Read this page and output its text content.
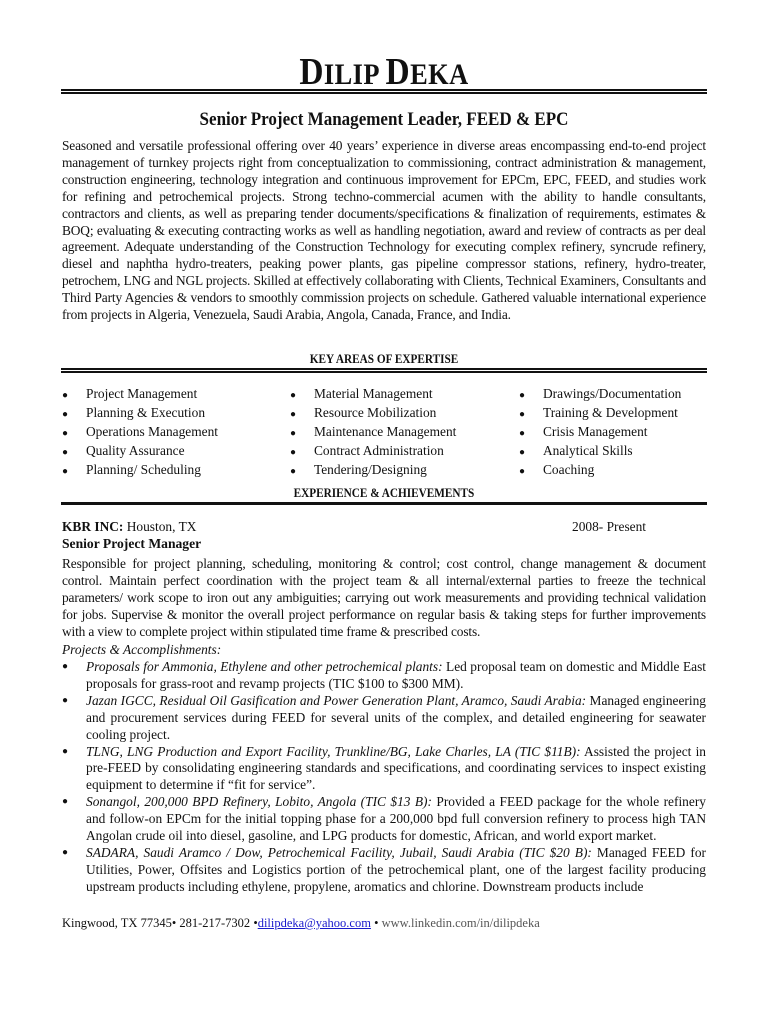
DILIP DEKA
Senior Project Management Leader, FEED & EPC
Seasoned and versatile professional offering over 40 years’ experience in diverse areas encompassing end-to-end project management of turnkey projects right from conceptualization to commissioning, contract administration & management, construction engineering, technology integration and continuous improvement for EPCm, EPC, FEED, and studies work for refining and petrochemical projects. Strong techno-commercial acumen with the ability to handle consultants, contractors and clients, as well as preparing tender documents/specifications & finalization of requirements, estimates & BOQ; evaluating & executing contracting works as well as handling negotiation, award and review of contracts as per deal agreement. Adequate understanding of the Construction Technology for executing complex refinery, syncrude refinery, diesel and naphtha hydro-treaters, peaking power plants, gas pipeline compressor stations, refinery, hydro-treater, petrochem, LNG and NGL projects. Skilled at effectively collaborating with Clients, Technical Examiners, Consultants and Third Party Agencies & vendors to smoothly commission projects on schedule. Gathered valuable international experience from projects in Algeria, Venezuela, Saudi Arabia, Angola, Canada, France, and India.
KEY AREAS OF EXPERTISE
●	Project Management
●	Planning & Execution
●	Operations Management
●	Quality Assurance
●	Planning/ Scheduling
●	Material Management
●	Resource Mobilization
●	Maintenance Management
●	Contract Administration
●	Tendering/Designing
●	Drawings/Documentation
●	Training & Development
●	Crisis Management
●	Analytical Skills
●	Coaching
EXPERIENCE & ACHIEVEMENTS
KBR INC: Houston, TX	2008- Present
Senior Project Manager
Responsible for project planning, scheduling, monitoring & control; cost control, change management & document control. Maintain perfect coordination with the project team & all internal/external parties to freeze the technical parameters/ work scope to iron out any ambiguities; carrying out work measurements and providing technical validation for jobs. Supervise & monitor the overall project performance on regular basis & taking steps for further improvements with a view to complete project within stipulated time frame & prescribed costs.
Projects & Accomplishments:
●	Proposals for Ammonia, Ethylene and other petrochemical plants: Led proposal team on domestic and Middle East proposals for grass-root and revamp projects (TIC $100 to $300 MM).
●	Jazan IGCC, Residual Oil Gasification and Power Generation Plant, Aramco, Saudi Arabia: Managed engineering and procurement services during FEED for several units of the complex, and detailed engineering for seawater cooling project.
●	TLNG, LNG Production and Export Facility, Trunkline/BG, Lake Charles, LA (TIC $11B): Assisted the project in pre-FEED by consolidating engineering standards and specifications, and coordinating services to inspect existing equipment to determine if “fit for service”.
●	Sonangol, 200,000 BPD Refinery, Lobito, Angola (TIC $13 B): Provided a FEED package for the whole refinery and follow-on EPCm for the initial topping phase for a 200,000 bpd full conversion refinery to process high TAN Angolan crude oil into diesel, gasoline, and LPG products for domestic, African, and world export market.
●	SADARA, Saudi Aramco / Dow, Petrochemical Facility, Jubail, Saudi Arabia (TIC $20 B): Managed FEED for Utilities, Power, Offsites and Logistics portion of the petrochemical plant, one of the largest facility producing upstream products including ethylene, propylene, aromatics and chlorine. Downstream products include
Kingwood, TX 77345• 281-217-7302 •dilipdeka@yahoo.com • www.linkedin.com/in/dilipdeka
